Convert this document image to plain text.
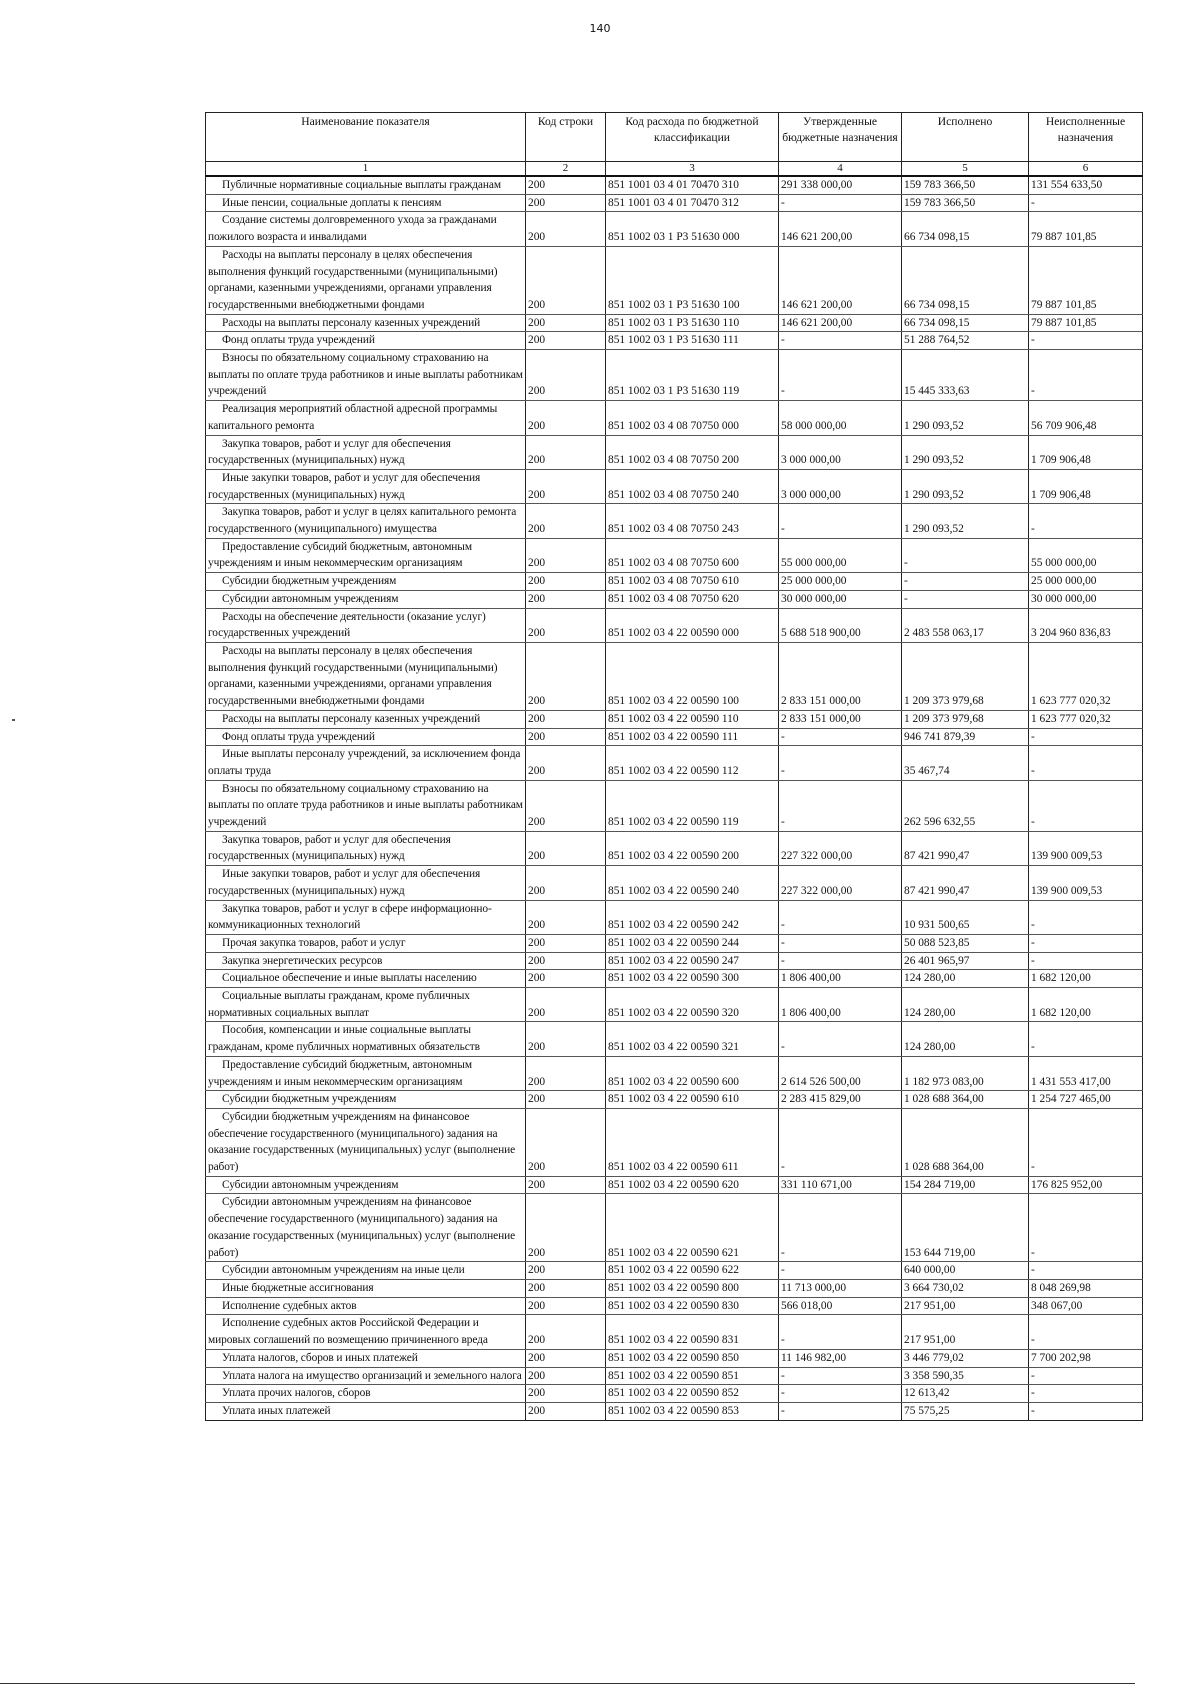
140
Наименование показателя	Код строки	Код расхода по бюджетной классификации	Утвержденные бюджетные назначения	Исполнено	Неисполненные назначения
1	2	3	4	5	6
Публичные нормативные социальные выплаты гражданам	200	851 1001 03 4 01 70470 310	291 338 000,00	159 783 366,50	131 554 633,50
Иные пенсии, социальные доплаты к пенсиям	200	851 1001 03 4 01 70470 312	-	159 783 366,50	-
Создание системы долговременного ухода за гражданами пожилого возраста и инвалидами	200	851 1002 03 1 P3 51630 000	146 621 200,00	66 734 098,15	79 887 101,85
Расходы на выплаты персоналу в целях обеспечения выполнения функций государственными (муниципальными) органами, казенными учреждениями, органами управления государственными внебюджетными фондами	200	851 1002 03 1 P3 51630 100	146 621 200,00	66 734 098,15	79 887 101,85
Расходы на выплаты персоналу казенных учреждений	200	851 1002 03 1 P3 51630 110	146 621 200,00	66 734 098,15	79 887 101,85
Фонд оплаты труда учреждений	200	851 1002 03 1 P3 51630 111	-	51 288 764,52	-
Взносы по обязательному социальному страхованию на выплаты по оплате труда работников и иные выплаты работникам учреждений	200	851 1002 03 1 P3 51630 119	-	15 445 333,63	-
Реализация мероприятий областной адресной программы капитального ремонта	200	851 1002 03 4 08 70750 000	58 000 000,00	1 290 093,52	56 709 906,48
Закупка товаров, работ и услуг для обеспечения государственных (муниципальных) нужд	200	851 1002 03 4 08 70750 200	3 000 000,00	1 290 093,52	1 709 906,48
Иные закупки товаров, работ и услуг для обеспечения государственных (муниципальных) нужд	200	851 1002 03 4 08 70750 240	3 000 000,00	1 290 093,52	1 709 906,48
Закупка товаров, работ и услуг в целях капитального ремонта государственного (муниципального) имущества	200	851 1002 03 4 08 70750 243	-	1 290 093,52	-
Предоставление субсидий бюджетным, автономным учреждениям и иным некоммерческим организациям	200	851 1002 03 4 08 70750 600	55 000 000,00	-	55 000 000,00
Субсидии бюджетным учреждениям	200	851 1002 03 4 08 70750 610	25 000 000,00	-	25 000 000,00
Субсидии автономным учреждениям	200	851 1002 03 4 08 70750 620	30 000 000,00	-	30 000 000,00
Расходы на обеспечение деятельности (оказание услуг) государственных учреждений	200	851 1002 03 4 22 00590 000	5 688 518 900,00	2 483 558 063,17	3 204 960 836,83
Расходы на выплаты персоналу в целях обеспечения выполнения функций государственными (муниципальными) органами, казенными учреждениями, органами управления государственными внебюджетными фондами	200	851 1002 03 4 22 00590 100	2 833 151 000,00	1 209 373 979,68	1 623 777 020,32
Расходы на выплаты персоналу казенных учреждений	200	851 1002 03 4 22 00590 110	2 833 151 000,00	1 209 373 979,68	1 623 777 020,32
Фонд оплаты труда учреждений	200	851 1002 03 4 22 00590 111	-	946 741 879,39	-
Иные выплаты персоналу учреждений, за исключением фонда оплаты труда	200	851 1002 03 4 22 00590 112	-	35 467,74	-
Взносы по обязательному социальному страхованию на выплаты по оплате труда работников и иные выплаты работникам учреждений	200	851 1002 03 4 22 00590 119	-	262 596 632,55	-
Закупка товаров, работ и услуг для обеспечения государственных (муниципальных) нужд	200	851 1002 03 4 22 00590 200	227 322 000,00	87 421 990,47	139 900 009,53
Иные закупки товаров, работ и услуг для обеспечения государственных (муниципальных) нужд	200	851 1002 03 4 22 00590 240	227 322 000,00	87 421 990,47	139 900 009,53
Закупка товаров, работ и услуг в сфере информационно-коммуникационных технологий	200	851 1002 03 4 22 00590 242	-	10 931 500,65	-
Прочая закупка товаров, работ и услуг	200	851 1002 03 4 22 00590 244	-	50 088 523,85	-
Закупка энергетических ресурсов	200	851 1002 03 4 22 00590 247	-	26 401 965,97	-
Социальное обеспечение и иные выплаты населению	200	851 1002 03 4 22 00590 300	1 806 400,00	124 280,00	1 682 120,00
Социальные выплаты гражданам, кроме публичных нормативных социальных выплат	200	851 1002 03 4 22 00590 320	1 806 400,00	124 280,00	1 682 120,00
Пособия, компенсации и иные социальные выплаты гражданам, кроме публичных нормативных обязательств	200	851 1002 03 4 22 00590 321	-	124 280,00	-
Предоставление субсидий бюджетным, автономным учреждениям и иным некоммерческим организациям	200	851 1002 03 4 22 00590 600	2 614 526 500,00	1 182 973 083,00	1 431 553 417,00
Субсидии бюджетным учреждениям	200	851 1002 03 4 22 00590 610	2 283 415 829,00	1 028 688 364,00	1 254 727 465,00
Субсидии бюджетным учреждениям на финансовое обеспечение государственного (муниципального) задания на оказание государственных (муниципальных) услуг (выполнение работ)	200	851 1002 03 4 22 00590 611	-	1 028 688 364,00	-
Субсидии автономным учреждениям	200	851 1002 03 4 22 00590 620	331 110 671,00	154 284 719,00	176 825 952,00
Субсидии автономным учреждениям на финансовое обеспечение государственного (муниципального) задания на оказание государственных (муниципальных) услуг (выполнение работ)	200	851 1002 03 4 22 00590 621	-	153 644 719,00	-
Субсидии автономным учреждениям на иные цели	200	851 1002 03 4 22 00590 622	-	640 000,00	-
Иные бюджетные ассигнования	200	851 1002 03 4 22 00590 800	11 713 000,00	3 664 730,02	8 048 269,98
Исполнение судебных актов	200	851 1002 03 4 22 00590 830	566 018,00	217 951,00	348 067,00
Исполнение судебных актов Российской Федерации и мировых соглашений по возмещению причиненного вреда	200	851 1002 03 4 22 00590 831	-	217 951,00	-
Уплата налогов, сборов и иных платежей	200	851 1002 03 4 22 00590 850	11 146 982,00	3 446 779,02	7 700 202,98
Уплата налога на имущество организаций и земельного налога	200	851 1002 03 4 22 00590 851	-	3 358 590,35	-
Уплата прочих налогов, сборов	200	851 1002 03 4 22 00590 852	-	12 613,42	-
Уплата иных платежей	200	851 1002 03 4 22 00590 853	-	75 575,25	-
